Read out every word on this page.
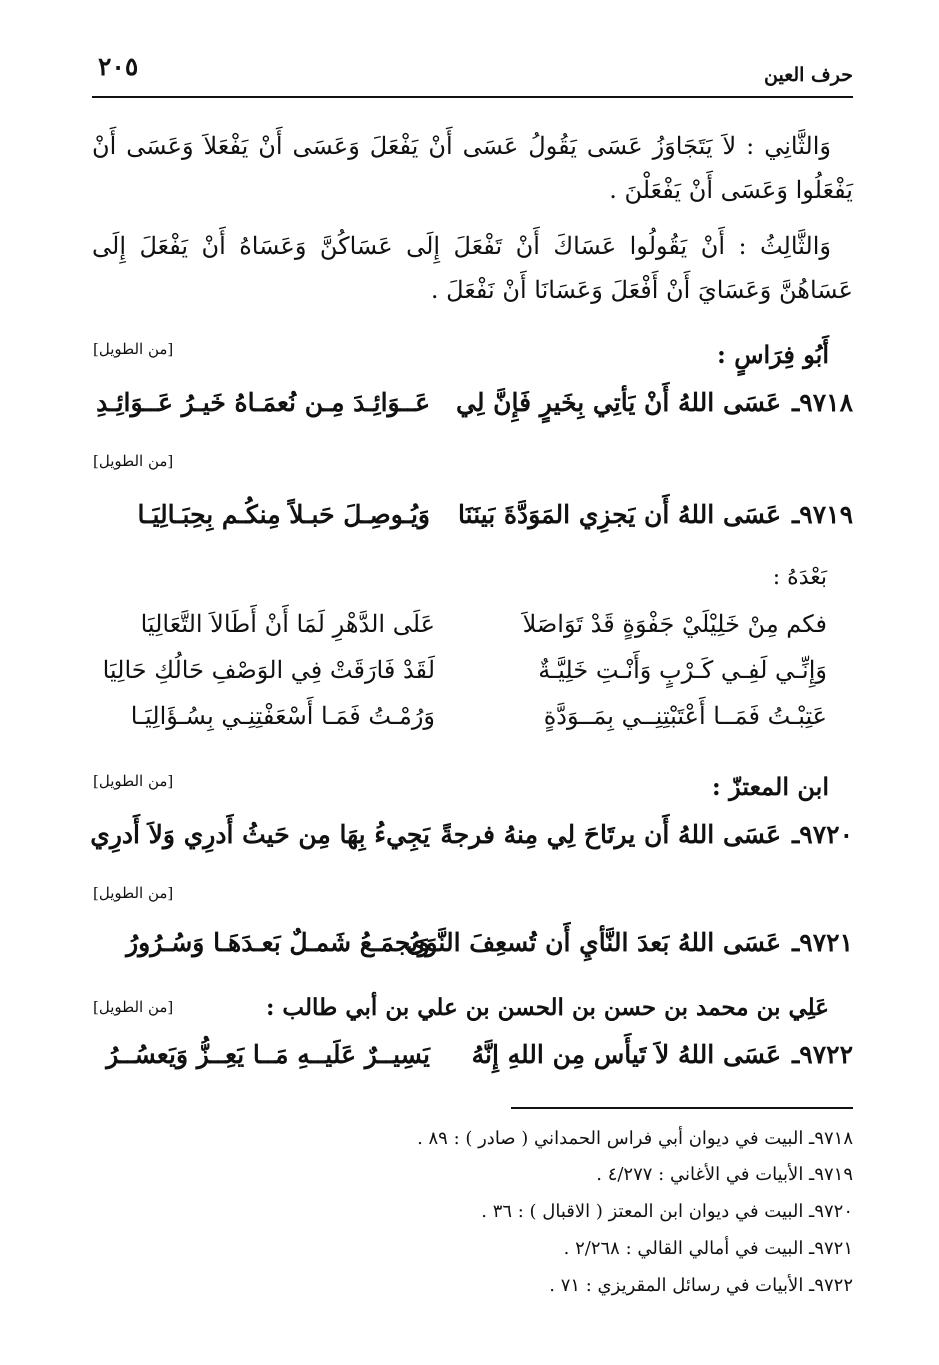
٢٠٥	حرف العين

وَالثَّانِي : لاَ يَتَجَاوَزُ عَسَى يَقُولُ عَسَى أَنْ يَفْعَلَ وَعَسَى أَنْ يَفْعَلاَ وَعَسَى أَنْ يَفْعَلُوا وَعَسَى أَنْ يَفْعَلْنَ .

وَالثَّالِثُ : أَنْ يَقُولُوا عَسَاكَ أَنْ تَفْعَلَ إِلَى عَسَاكُنَّ وَعَسَاهُ أَنْ يَفْعَلَ إِلَى عَسَاهُنَّ وَعَسَايَ أَنْ أَفْعَلَ وَعَسَانَا أَنْ نَفْعَلَ .

أَبُو فِرَاسٍ :
[من الطويل]
٩٧١٨ـ
عَسَى اللهُ أَنْ يَأتِي بِخَيرٍ فَإِنَّ لِي
عَــوَائِـدَ مِـن نُعمَـاهُ خَيـرُ عَــوَائِـدِ
[من الطويل]
٩٧١٩ـ
عَسَى اللهُ أَن يَجزِي المَوَدَّةَ بَينَنَا
وَيُـوصِـلَ حَبـلاً مِنكُـم بِحِبَـالِيَـا
بَعْدَهُ :
فكم مِنْ خَلِيْلَيْ جَفْوَةٍ قَدْ تَوَاصَلاَ
عَلَى الدَّهْرِ لَمَا أَنْ أَطَالاَ التَّعَالِيَا
وَإِنِّـي لَفِـي كَـرْبٍ وَأَنْـتِ خَلِيَّـةٌ
لَقَدْ فَارَقَتْ فِي الوَصْفِ حَالُكِ حَالِيَا
عَتِبْـتُ فَمَــا أَعْتَبْتِنِــي بِمَــوَدَّةٍ
وَرُمْـتُ فَمَـا أَسْعَفْتِنِـي بِسُـؤَالِيَـا
ابن المعتزّ :
[من الطويل]
٩٧٢٠ـ
عَسَى اللهُ أَن يرتَاحَ لِي مِنهُ فرجةً
يَجِيءُ بِهَا مِن حَيثُ أَدرِي وَلاَ أَدرِي
[من الطويل]
٩٧٢١ـ
عَسَى اللهُ بَعدَ النَّأيِ أَن تُسعِفَ النَّوَى
وَيُجمَـعُ شَمـلٌ بَعـدَهَـا وَسُـرُورُ
عَلِي بن محمد بن حسن بن الحسن بن علي بن أبي طالب :
[من الطويل]
٩٧٢٢ـ
عَسَى اللهُ لاَ تَيأَس مِن اللهِ إِنَّهُ
يَسِيــرٌ عَلَيــهِ مَــا يَعِــزُّ وَيَعسُــرُ
٩٧١٨ـ البيت في ديوان أبي فراس الحمداني ( صادر ) : ٨٩ .
٩٧١٩ـ الأبيات في الأغاني : ٤/٢٧٧ .
٩٧٢٠ـ البيت في ديوان ابن المعتز ( الاقبال ) : ٣٦ .
٩٧٢١ـ البيت في أمالي القالي : ٢/٢٦٨ .
٩٧٢٢ـ الأبيات في رسائل المقريزي : ٧١ .
